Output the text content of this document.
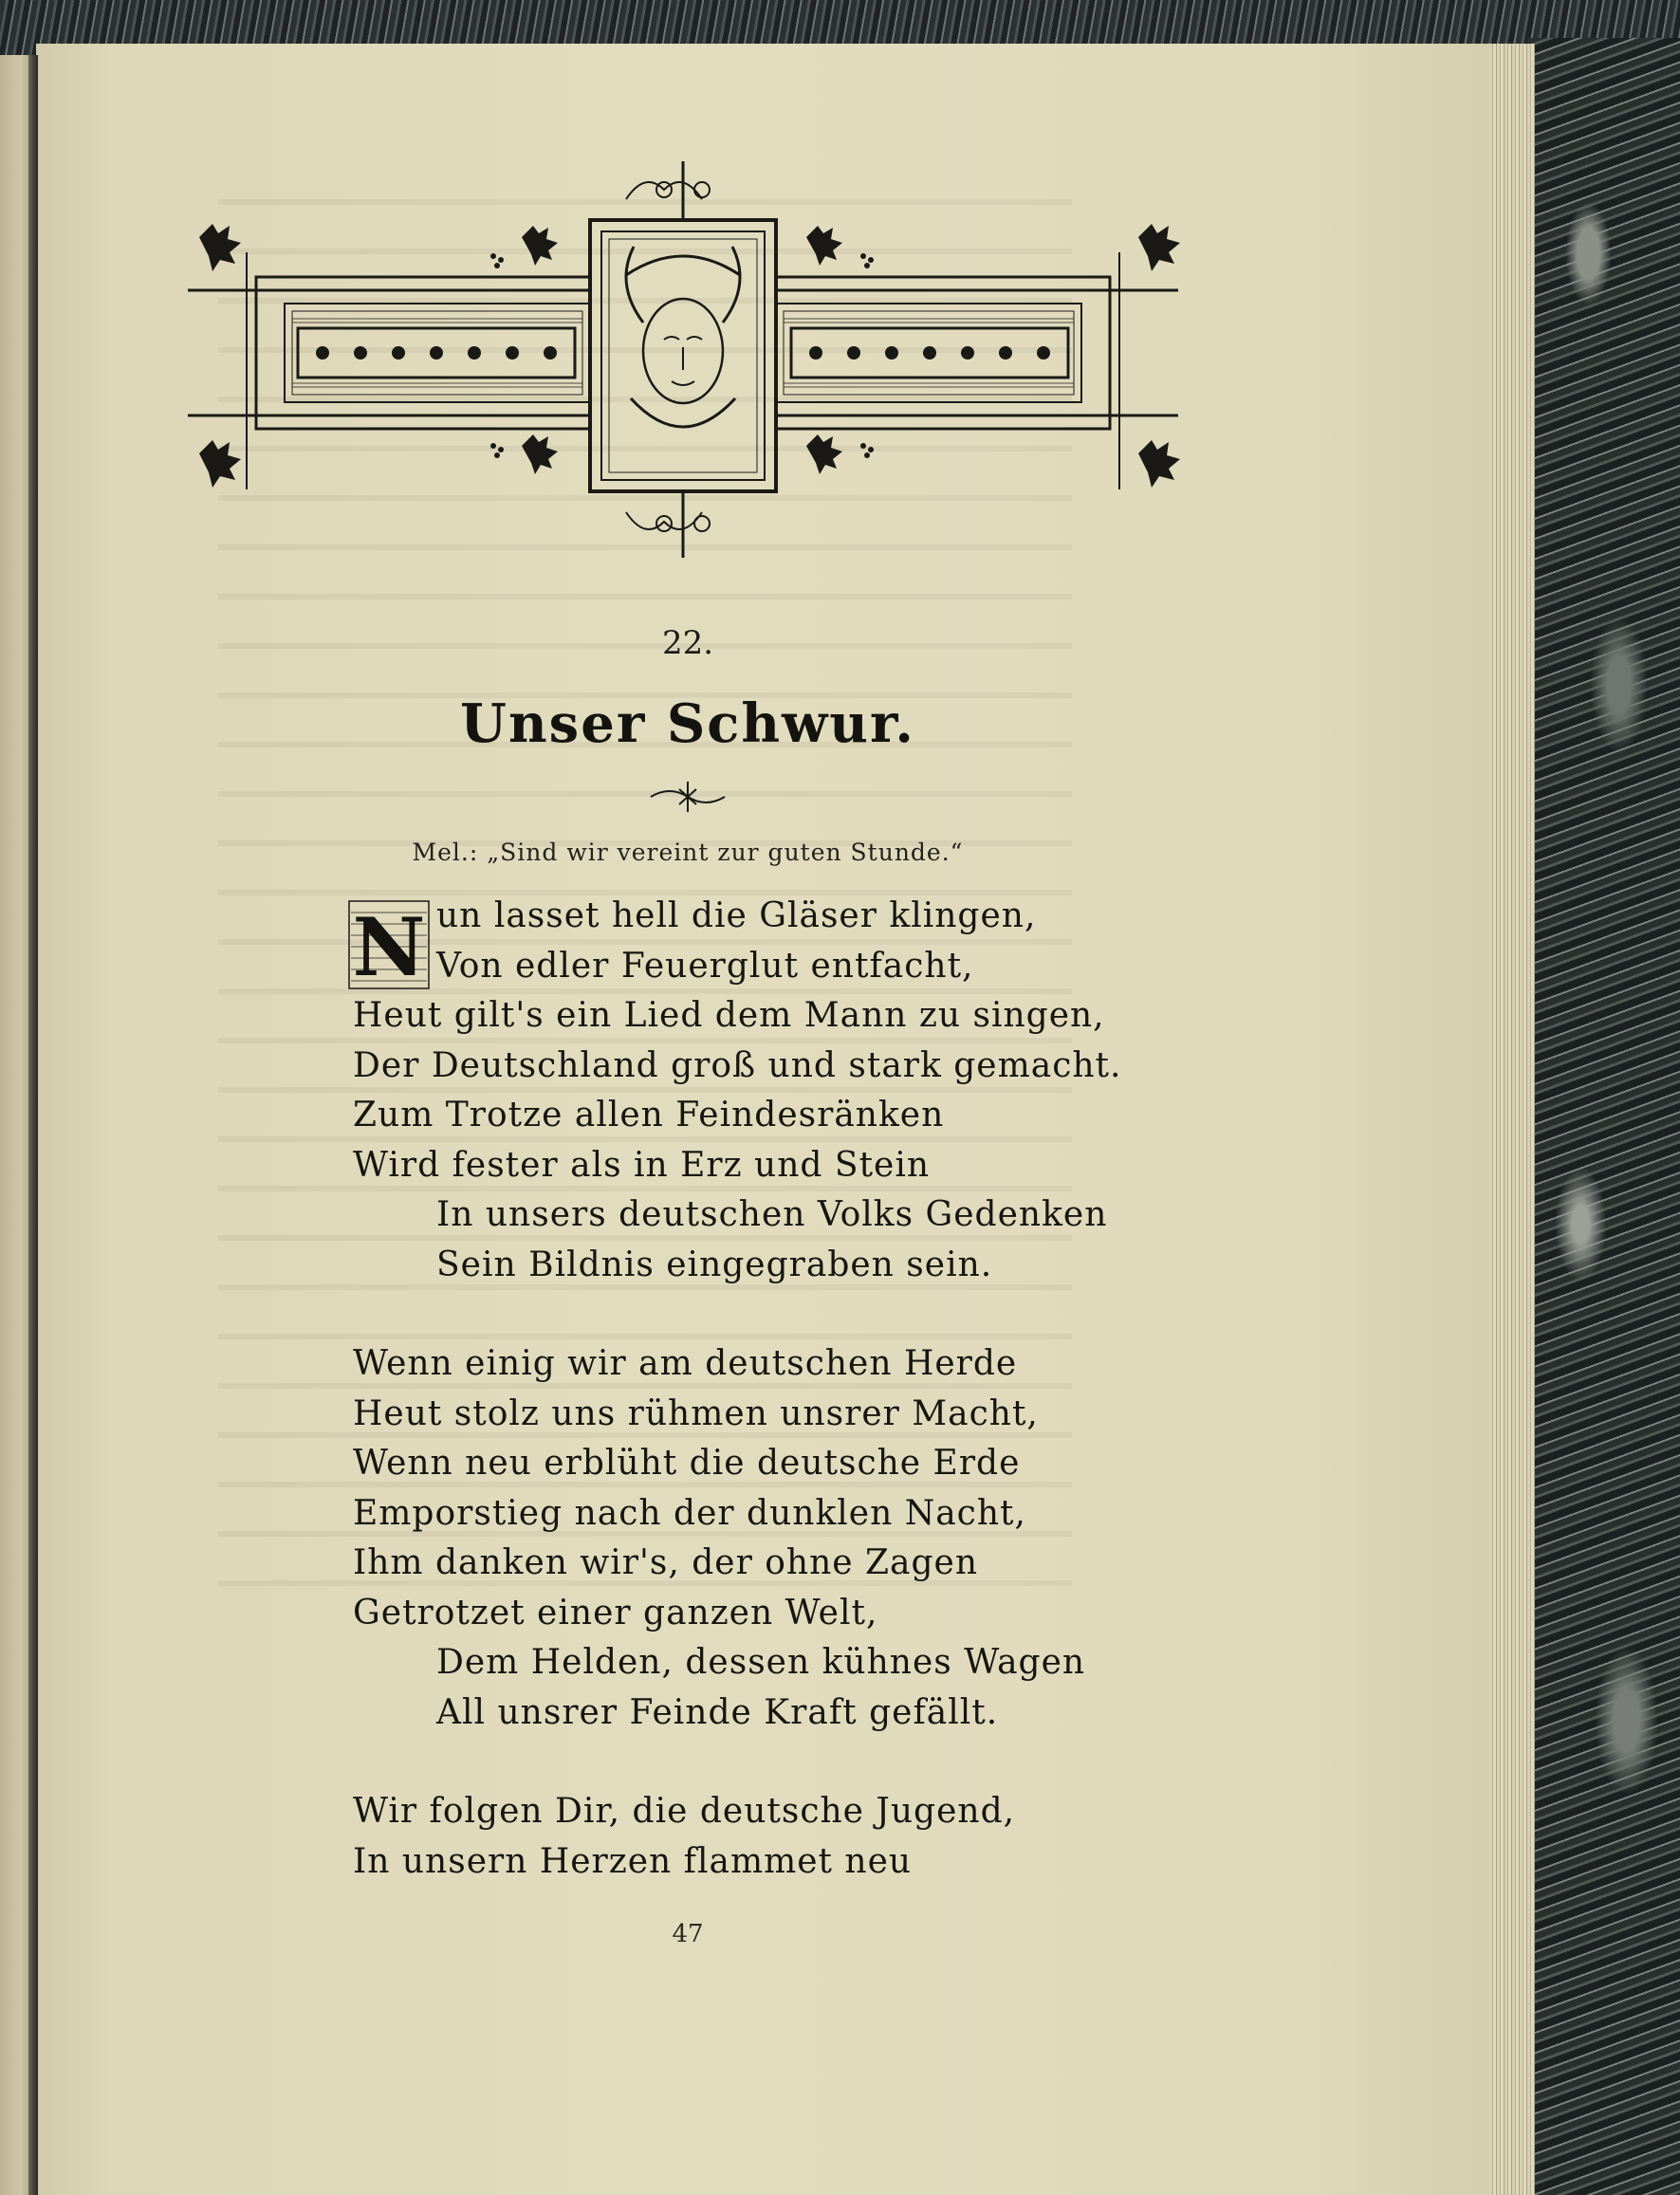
22.
Unser Schwur.
Mel.: „Sind wir vereint zur guten Stunde.“
N un lasset hell die Gläser klingen,
Von edler Feuerglut entfacht,
Heut gilt's ein Lied dem Mann zu singen,
Der Deutschland groß und stark gemacht.
Zum Trotze allen Feindesränken
Wird fester als in Erz und Stein
In unsers deutschen Volks Gedenken
Sein Bildnis eingegraben sein.
Wenn einig wir am deutschen Herde
Heut stolz uns rühmen unsrer Macht,
Wenn neu erblüht die deutsche Erde
Emporstieg nach der dunklen Nacht,
Ihm danken wir's, der ohne Zagen
Getrotzet einer ganzen Welt,
Dem Helden, dessen kühnes Wagen
All unsrer Feinde Kraft gefällt.
Wir folgen Dir, die deutsche Jugend,
In unsern Herzen flammet neu
47
